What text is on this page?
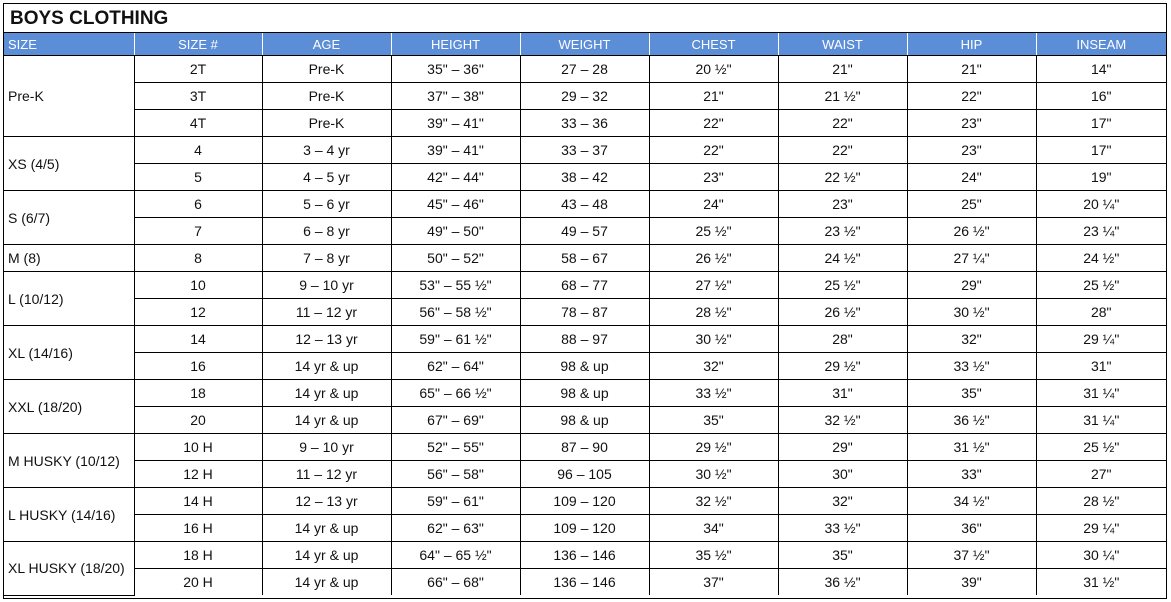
BOYS CLOTHING
SIZE	SIZE #	AGE	HEIGHT	WEIGHT	CHEST	WAIST	HIP	INSEAM
Pre-K	2T	Pre-K	35" – 36"	27 – 28	20 ½"	21"	21"	14"
	3T	Pre-K	37" – 38"	29 – 32	21"	21 ½"	22"	16"
	4T	Pre-K	39" – 41"	33 – 36	22"	22"	23"	17"
XS (4/5)	4	3 – 4 yr	39" – 41"	33 – 37	22"	22"	23"	17"
	5	4 – 5 yr	42" – 44"	38 – 42	23"	22 ½"	24"	19"
S (6/7)	6	5 – 6 yr	45" – 46"	43 – 48	24"	23"	25"	20 ¼"
	7	6 – 8 yr	49" – 50"	49 – 57	25 ½"	23 ½"	26 ½"	23 ¼"
M (8)	8	7 – 8 yr	50" – 52"	58 – 67	26 ½"	24 ½"	27 ¼"	24 ½"
L (10/12)	10	9 – 10 yr	53" – 55 ½"	68 – 77	27 ½"	25 ½"	29"	25 ½"
	12	11 – 12 yr	56" – 58 ½"	78 – 87	28 ½"	26 ½"	30 ½"	28"
XL (14/16)	14	12 – 13 yr	59" – 61 ½"	88 – 97	30 ½"	28"	32"	29 ¼"
	16	14 yr & up	62" – 64"	98 & up	32"	29 ½"	33 ½"	31"
XXL (18/20)	18	14 yr & up	65" – 66 ½"	98 & up	33 ½"	31"	35"	31 ¼"
	20	14 yr & up	67" – 69"	98 & up	35"	32 ½"	36 ½"	31 ¼"
M HUSKY (10/12)	10 H	9 – 10 yr	52" – 55"	87 – 90	29 ½"	29"	31 ½"	25 ½"
	12 H	11 – 12 yr	56" – 58"	96 – 105	30 ½"	30"	33"	27"
L HUSKY (14/16)	14 H	12 – 13 yr	59" – 61"	109 – 120	32 ½"	32"	34 ½"	28 ½"
	16 H	14 yr & up	62" – 63"	109 – 120	34"	33 ½"	36"	29 ¼"
XL HUSKY (18/20)	18 H	14 yr & up	64" – 65 ½"	136 – 146	35 ½"	35"	37 ½"	30 ¼"
	20 H	14 yr & up	66" – 68"	136 – 146	37"	36 ½"	39"	31 ½"
